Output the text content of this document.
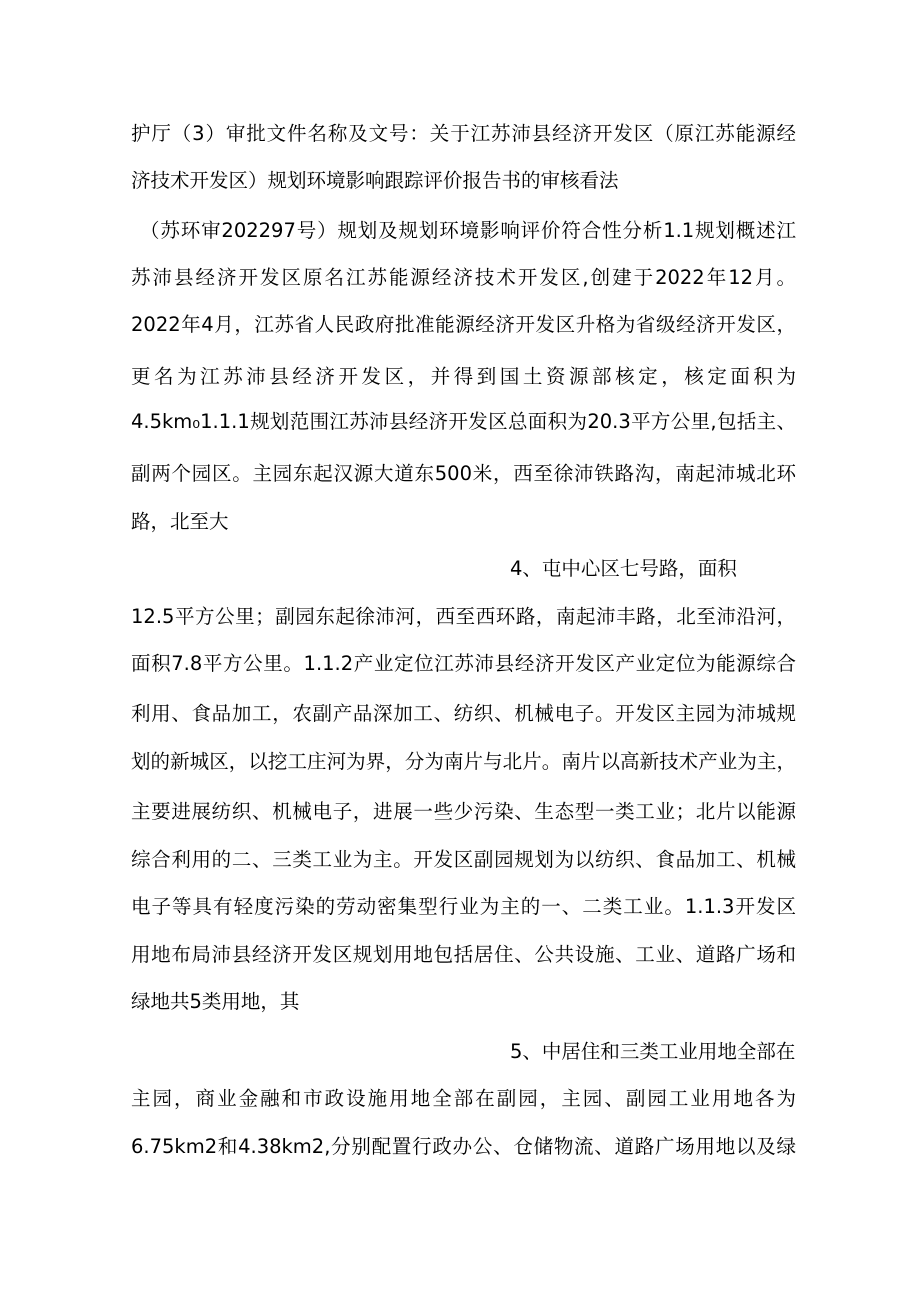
护厅（3）审批文件名称及文号：关于江苏沛县经济开发区（原江苏能源经
济技术开发区）规划环境影响跟踪评价报告书的审核看法
（苏环审202297号）规划及规划环境影响评价符合性分析1.1规划概述江
苏沛县经济开发区原名江苏能源经济技术开发区,创建于2022年12月。
2022年4月，江苏省人民政府批准能源经济开发区升格为省级经济开发区，
更名为江苏沛县经济开发区，并得到国土资源部核定，核定面积为
4.5km₀1.1.1规划范围江苏沛县经济开发区总面积为20.3平方公里,包括主、
副两个园区。主园东起汉源大道东500米，西至徐沛铁路沟，南起沛城北环
路，北至大
4、屯中心区七号路，面积
12.5平方公里；副园东起徐沛河，西至西环路，南起沛丰路，北至沛沿河，
面积7.8平方公里。1.1.2产业定位江苏沛县经济开发区产业定位为能源综合
利用、食品加工，农副产品深加工、纺织、机械电子。开发区主园为沛城规
划的新城区，以挖工庄河为界，分为南片与北片。南片以高新技术产业为主，
主要进展纺织、机械电子，进展一些少污染、生态型一类工业；北片以能源
综合利用的二、三类工业为主。开发区副园规划为以纺织、食品加工、机械
电子等具有轻度污染的劳动密集型行业为主的一、二类工业。1.1.3开发区
用地布局沛县经济开发区规划用地包括居住、公共设施、工业、道路广场和
绿地共5类用地，其
5、中居住和三类工业用地全部在
主园，商业金融和市政设施用地全部在副园，主园、副园工业用地各为
6.75km2和4.38km2,分别配置行政办公、仓储物流、道路广场用地以及绿
